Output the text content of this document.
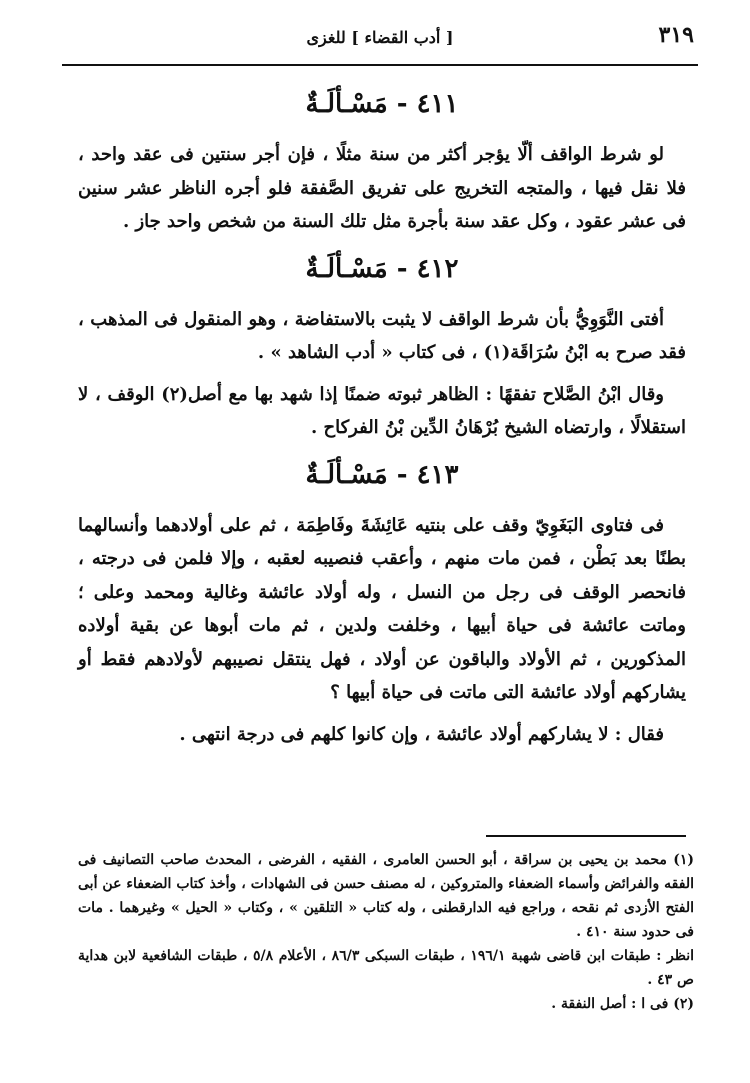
٣١٩
[ أدب القضاء ] للغزى
٤١١ - مَسْـألَـةٌ

لو شرط الواقف ألّا يؤجر أكثر من سنة مثلًا ، فإن أجر سنتين فى عقد واحد ، فلا نقل فيها ، والمتجه التخريج على تفريق الصَّفقة فلو أجره الناظر عشر سنين فى عشر عقود ، وكل عقد سنة بأجرة مثل تلك السنة من شخص واحد جاز .

٤١٢ - مَسْـألَـةٌ

أفتى النَّوَوِيُّ بأن شرط الواقف لا يثبت بالاستفاضة ، وهو المنقول فى المذهب ، فقد صرح به ابْنُ سُرَاقَة(١) ، فى كتاب « أدب الشاهد » .

وقال ابْنُ الصَّلاح تفقهًا : الظاهر ثبوته ضمنًا إذا شهد بها مع أصل(٢) الوقف ، لا استقلالًا ، وارتضاه الشيخ بُرْهَانُ الدِّين بْنُ الفركاح .

٤١٣ - مَسْـألَـةٌ

فى فتاوى البَغَوِيّ وقف على بنتيه عَائِشَةَ وفَاطِمَة ، ثم على أولادهما وأنسالهما بطنًا بعد بَطْن ، فمن مات منهم ، وأعقب فنصيبه لعقبه ، وإلا فلمن فى درجته ، فانحصر الوقف فى رجل من النسل ، وله أولاد عائشة وغالية ومحمد وعلى ؛ وماتت عائشة فى حياة أبيها ، وخلفت ولدين ، ثم مات أبوها عن بقية أولاده المذكورين ، ثم الأولاد والباقون عن أولاد ، فهل ينتقل نصيبهم لأولادهم فقط أو يشاركهم أولاد عائشة التى ماتت فى حياة أبيها ؟

فقال : لا يشاركهم أولاد عائشة ، وإن كانوا كلهم فى درجة انتهى .

(١) محمد بن يحيى بن سراقة ، أبو الحسن العامرى ، الفقيه ، الفرضى ، المحدث صاحب التصانيف فى الفقه والفرائض وأسماء الضعفاء والمتروكين ، له مصنف حسن فى الشهادات ، وأخذ كتاب الضعفاء عن أبى الفتح الأزدى ثم نقحه ، وراجع فيه الدارقطنى ، وله كتاب « التلقين » ، وكتاب « الحيل » وغيرهما . مات فى حدود سنة ٤١٠ .

انظر : طبقات ابن قاضى شهبة ١٩٦/١ ، طبقات السبكى ٨٦/٣ ، الأعلام ٥/٨ ، طبقات الشافعية لابن هداية ص ٤٣ .

(٢) فى ا : أصل النفقة .
